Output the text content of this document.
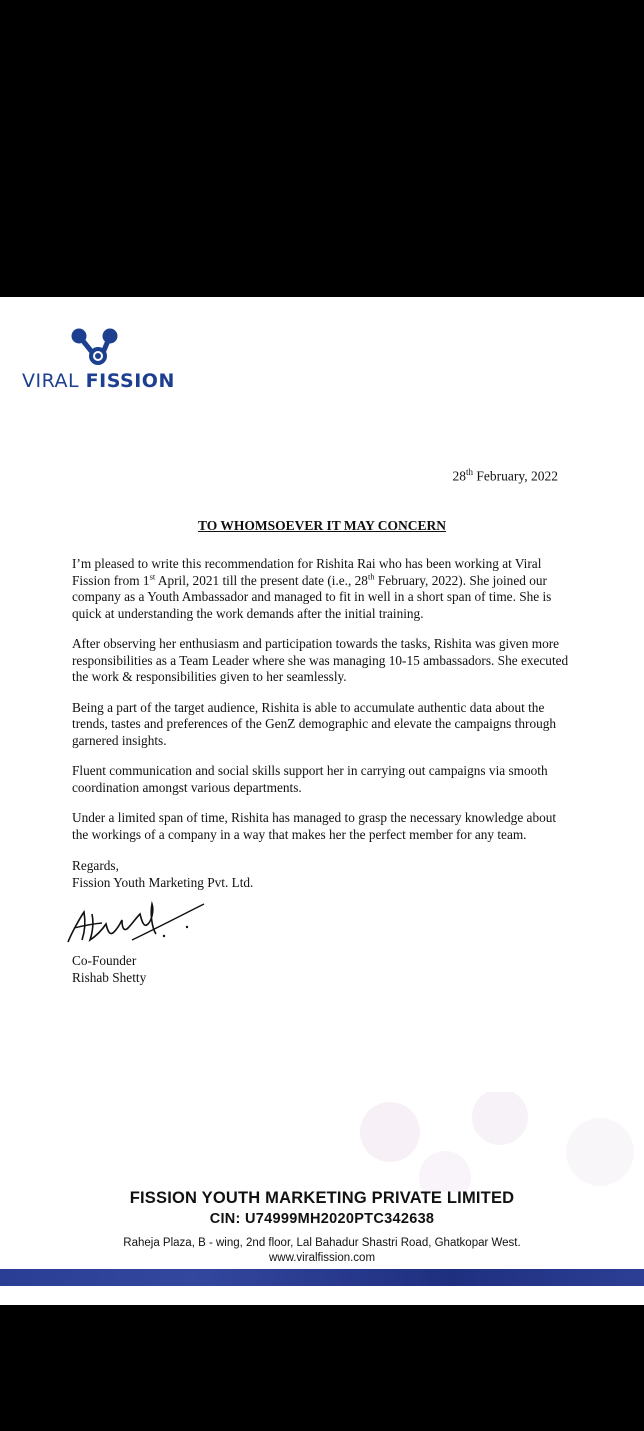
VIRAL FISSION
28th February, 2022
TO WHOMSOEVER IT MAY CONCERN

I’m pleased to write this recommendation for Rishita Rai who has been working at Viral Fission from 1st April, 2021 till the present date (i.e., 28th February, 2022). She joined our company as a Youth Ambassador and managed to fit in well in a short span of time. She is quick at understanding the work demands after the initial training.

After observing her enthusiasm and participation towards the tasks, Rishita was given more responsibilities as a Team Leader where she was managing 10-15 ambassadors. She executed the work & responsibilities given to her seamlessly.

Being a part of the target audience, Rishita is able to accumulate authentic data about the trends, tastes and preferences of the GenZ demographic and elevate the campaigns through garnered insights.

Fluent communication and social skills support her in carrying out campaigns via smooth coordination amongst various departments.

Under a limited span of time, Rishita has managed to grasp the necessary knowledge about the workings of a company in a way that makes her the perfect member for any team.

Regards,
Fission Youth Marketing Pvt. Ltd.
Co-Founder
Rishab Shetty
FISSION YOUTH MARKETING PRIVATE LIMITED
CIN: U74999MH2020PTC342638
Raheja Plaza, B - wing, 2nd floor, Lal Bahadur Shastri Road, Ghatkopar West.
www.viralfission.com
